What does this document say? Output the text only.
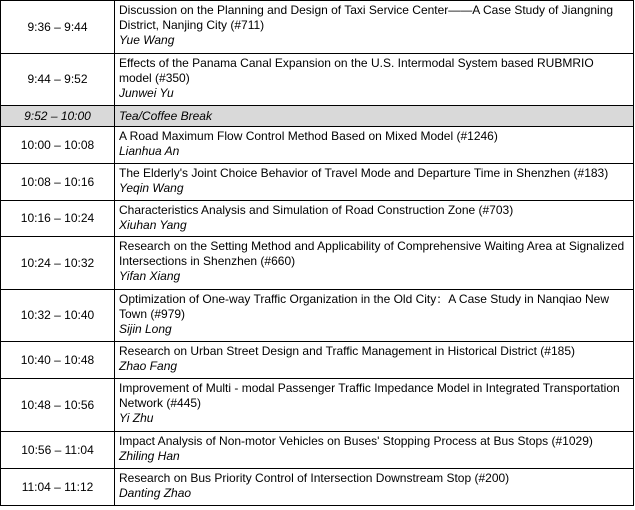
9:36 – 9:44	Discussion on the Planning and Design of Taxi Service Center——A Case Study of Jiangning District, Nanjing City (#711)
Yue Wang

9:44 – 9:52	Effects of the Panama Canal Expansion on the U.S. Intermodal System based RUBMRIO model (#350)
Junwei Yu

9:52 – 10:00	Tea/Coffee Break
10:00 – 10:08	A Road Maximum Flow Control Method Based on Mixed Model (#1246)
Lianhua An

10:08 – 10:16	The Elderly's Joint Choice Behavior of Travel Mode and Departure Time in Shenzhen (#183)
Yeqin Wang

10:16 – 10:24	Characteristics Analysis and Simulation of Road Construction Zone (#703)
Xiuhan Yang

10:24 – 10:32	Research on the Setting Method and Applicability of Comprehensive Waiting Area at Signalized Intersections in Shenzhen (#660)
Yifan Xiang

10:32 – 10:40	Optimization of One-way Traffic Organization in the Old City：A Case Study in Nanqiao New Town (#979)
Sijin Long

10:40 – 10:48	Research on Urban Street Design and Traffic Management in Historical District (#185)
Zhao Fang

10:48 – 10:56	Improvement of Multi - modal Passenger Traffic Impedance Model in Integrated Transportation Network (#445)
Yi Zhu

10:56 – 11:04	Impact Analysis of Non-motor Vehicles on Buses' Stopping Process at Bus Stops (#1029)
Zhiling Han

11:04 – 11:12	Research on Bus Priority Control of Intersection Downstream Stop (#200)
Danting Zhao
